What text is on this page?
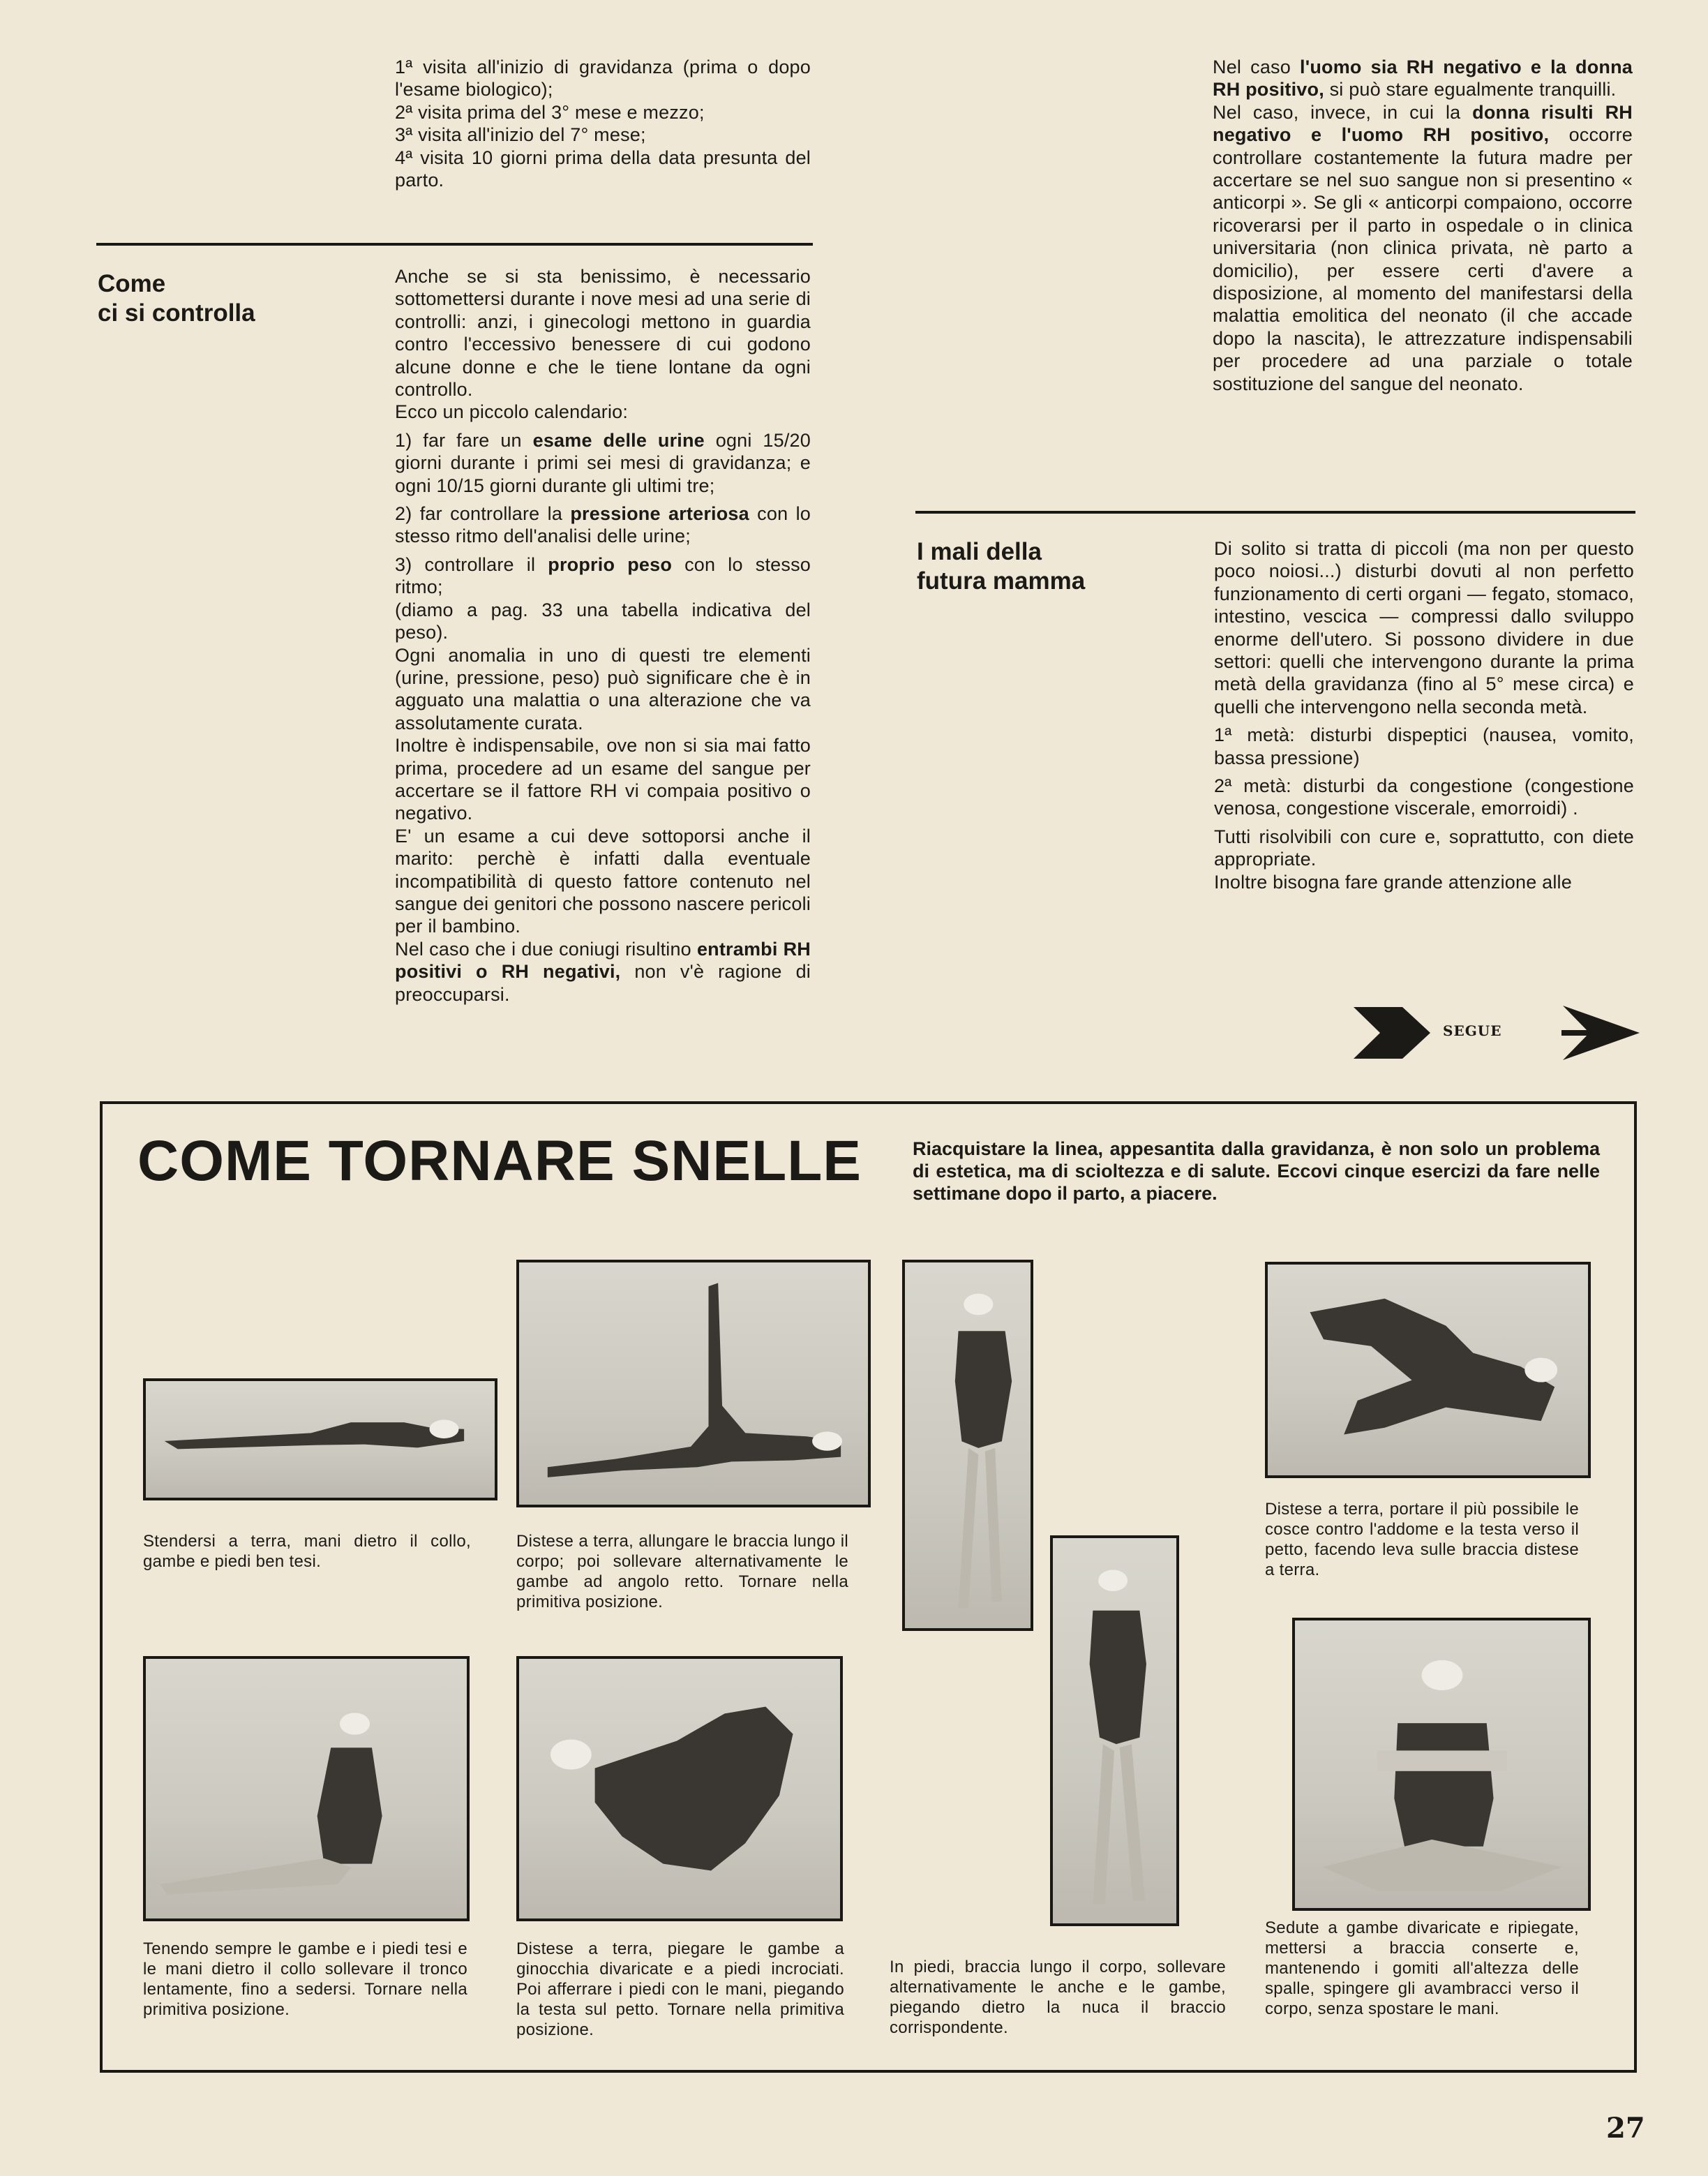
1ª visita all'inizio di gravidanza (prima o dopo l'esame biologico);

2ª visita prima del 3° mese e mezzo;

3ª visita all'inizio del 7° mese;

4ª visita 10 giorni prima della data presunta del parto.

Come

ci si controlla

Anche se si sta benissimo, è necessario sottomettersi durante i nove mesi ad una serie di controlli: anzi, i ginecologi mettono in guardia contro l'eccessivo benessere di cui godono alcune donne e che le tiene lontane da ogni controllo.

Ecco un piccolo calendario:

1) far fare un esame delle urine ogni 15/20 giorni durante i primi sei mesi di gravidanza; e ogni 10/15 giorni durante gli ultimi tre;

2) far controllare la pressione arteriosa con lo stesso ritmo dell'analisi delle urine;

3) controllare il proprio peso con lo stesso ritmo;

(diamo a pag. 33 una tabella indicativa del peso).

Ogni anomalia in uno di questi tre elementi (urine, pressione, peso) può significare che è in agguato una malattia o una alterazione che va assolutamente curata.

Inoltre è indispensabile, ove non si sia mai fatto prima, procedere ad un esame del sangue per accertare se il fattore RH vi compaia positivo o negativo.

E' un esame a cui deve sottoporsi anche il marito: perchè è infatti dalla eventuale incompatibilità di questo fattore contenuto nel sangue dei genitori che possono nascere pericoli per il bambino.

Nel caso che i due coniugi risultino entrambi RH positivi o RH negativi, non v'è ragione di preoccuparsi.

Nel caso l'uomo sia RH negativo e la donna RH positivo, si può stare egualmente tranquilli.

Nel caso, invece, in cui la donna risulti RH negativo e l'uomo RH positivo, occorre controllare costantemente la futura madre per accertare se nel suo sangue non si presentino « anticorpi ». Se gli « anticorpi compaiono, occorre ricoverarsi per il parto in ospedale o in clinica universitaria (non clinica privata, nè parto a domicilio), per essere certi d'avere a disposizione, al momento del manifestarsi della malattia emolitica del neonato (il che accade dopo la nascita), le attrezzature indispensabili per procedere ad una parziale o totale sostituzione del sangue del neonato.

I mali della

futura mamma

Di solito si tratta di piccoli (ma non per questo poco noiosi...) disturbi dovuti al non perfetto funzionamento di certi organi — fegato, stomaco, intestino, vescica — compressi dallo sviluppo enorme dell'utero. Si possono dividere in due settori: quelli che intervengono durante la prima metà della gravidanza (fino al 5° mese circa) e quelli che intervengono nella seconda metà.

1ª metà: disturbi dispeptici (nausea, vomito, bassa pressione)

2ª metà: disturbi da congestione (congestione venosa, congestione viscerale, emorroidi) .

Tutti risolvibili con cure e, soprattutto, con diete appropriate.

Inoltre bisogna fare grande attenzione alle

SEGUE
COME TORNARE SNELLE	Riacquistare la linea, appesantita dalla gravidanza, è non solo un problema di estetica, ma di scioltezza e di salute. Eccovi cinque esercizi da fare nelle settimane dopo il parto, a piacere.
Stendersi a terra, mani dietro il collo, gambe e piedi ben tesi.
Distese a terra, allungare le braccia lungo il corpo; poi sollevare alternativamente le gambe ad angolo retto. Tornare nella primitiva posizione.
In piedi, braccia lungo il corpo, sollevare alternativamente le anche e le gambe, piegando dietro la nuca il braccio corrispondente.
Distese a terra, portare il più possibile le cosce contro l'addome e la testa verso il petto, facendo leva sulle braccia distese a terra.
Tenendo sempre le gambe e i piedi tesi e le mani dietro il collo sollevare il tronco lentamente, fino a sedersi. Tornare nella primitiva posizione.
Distese a terra, piegare le gambe a ginocchia divaricate e a piedi incrociati. Poi afferrare i piedi con le mani, piegando la testa sul petto. Tornare nella primitiva posizione.
Sedute a gambe divaricate e ripiegate, mettersi a braccia conserte e, mantenendo i gomiti all'altezza delle spalle, spingere gli avambracci verso il corpo, senza spostare le mani.
27
